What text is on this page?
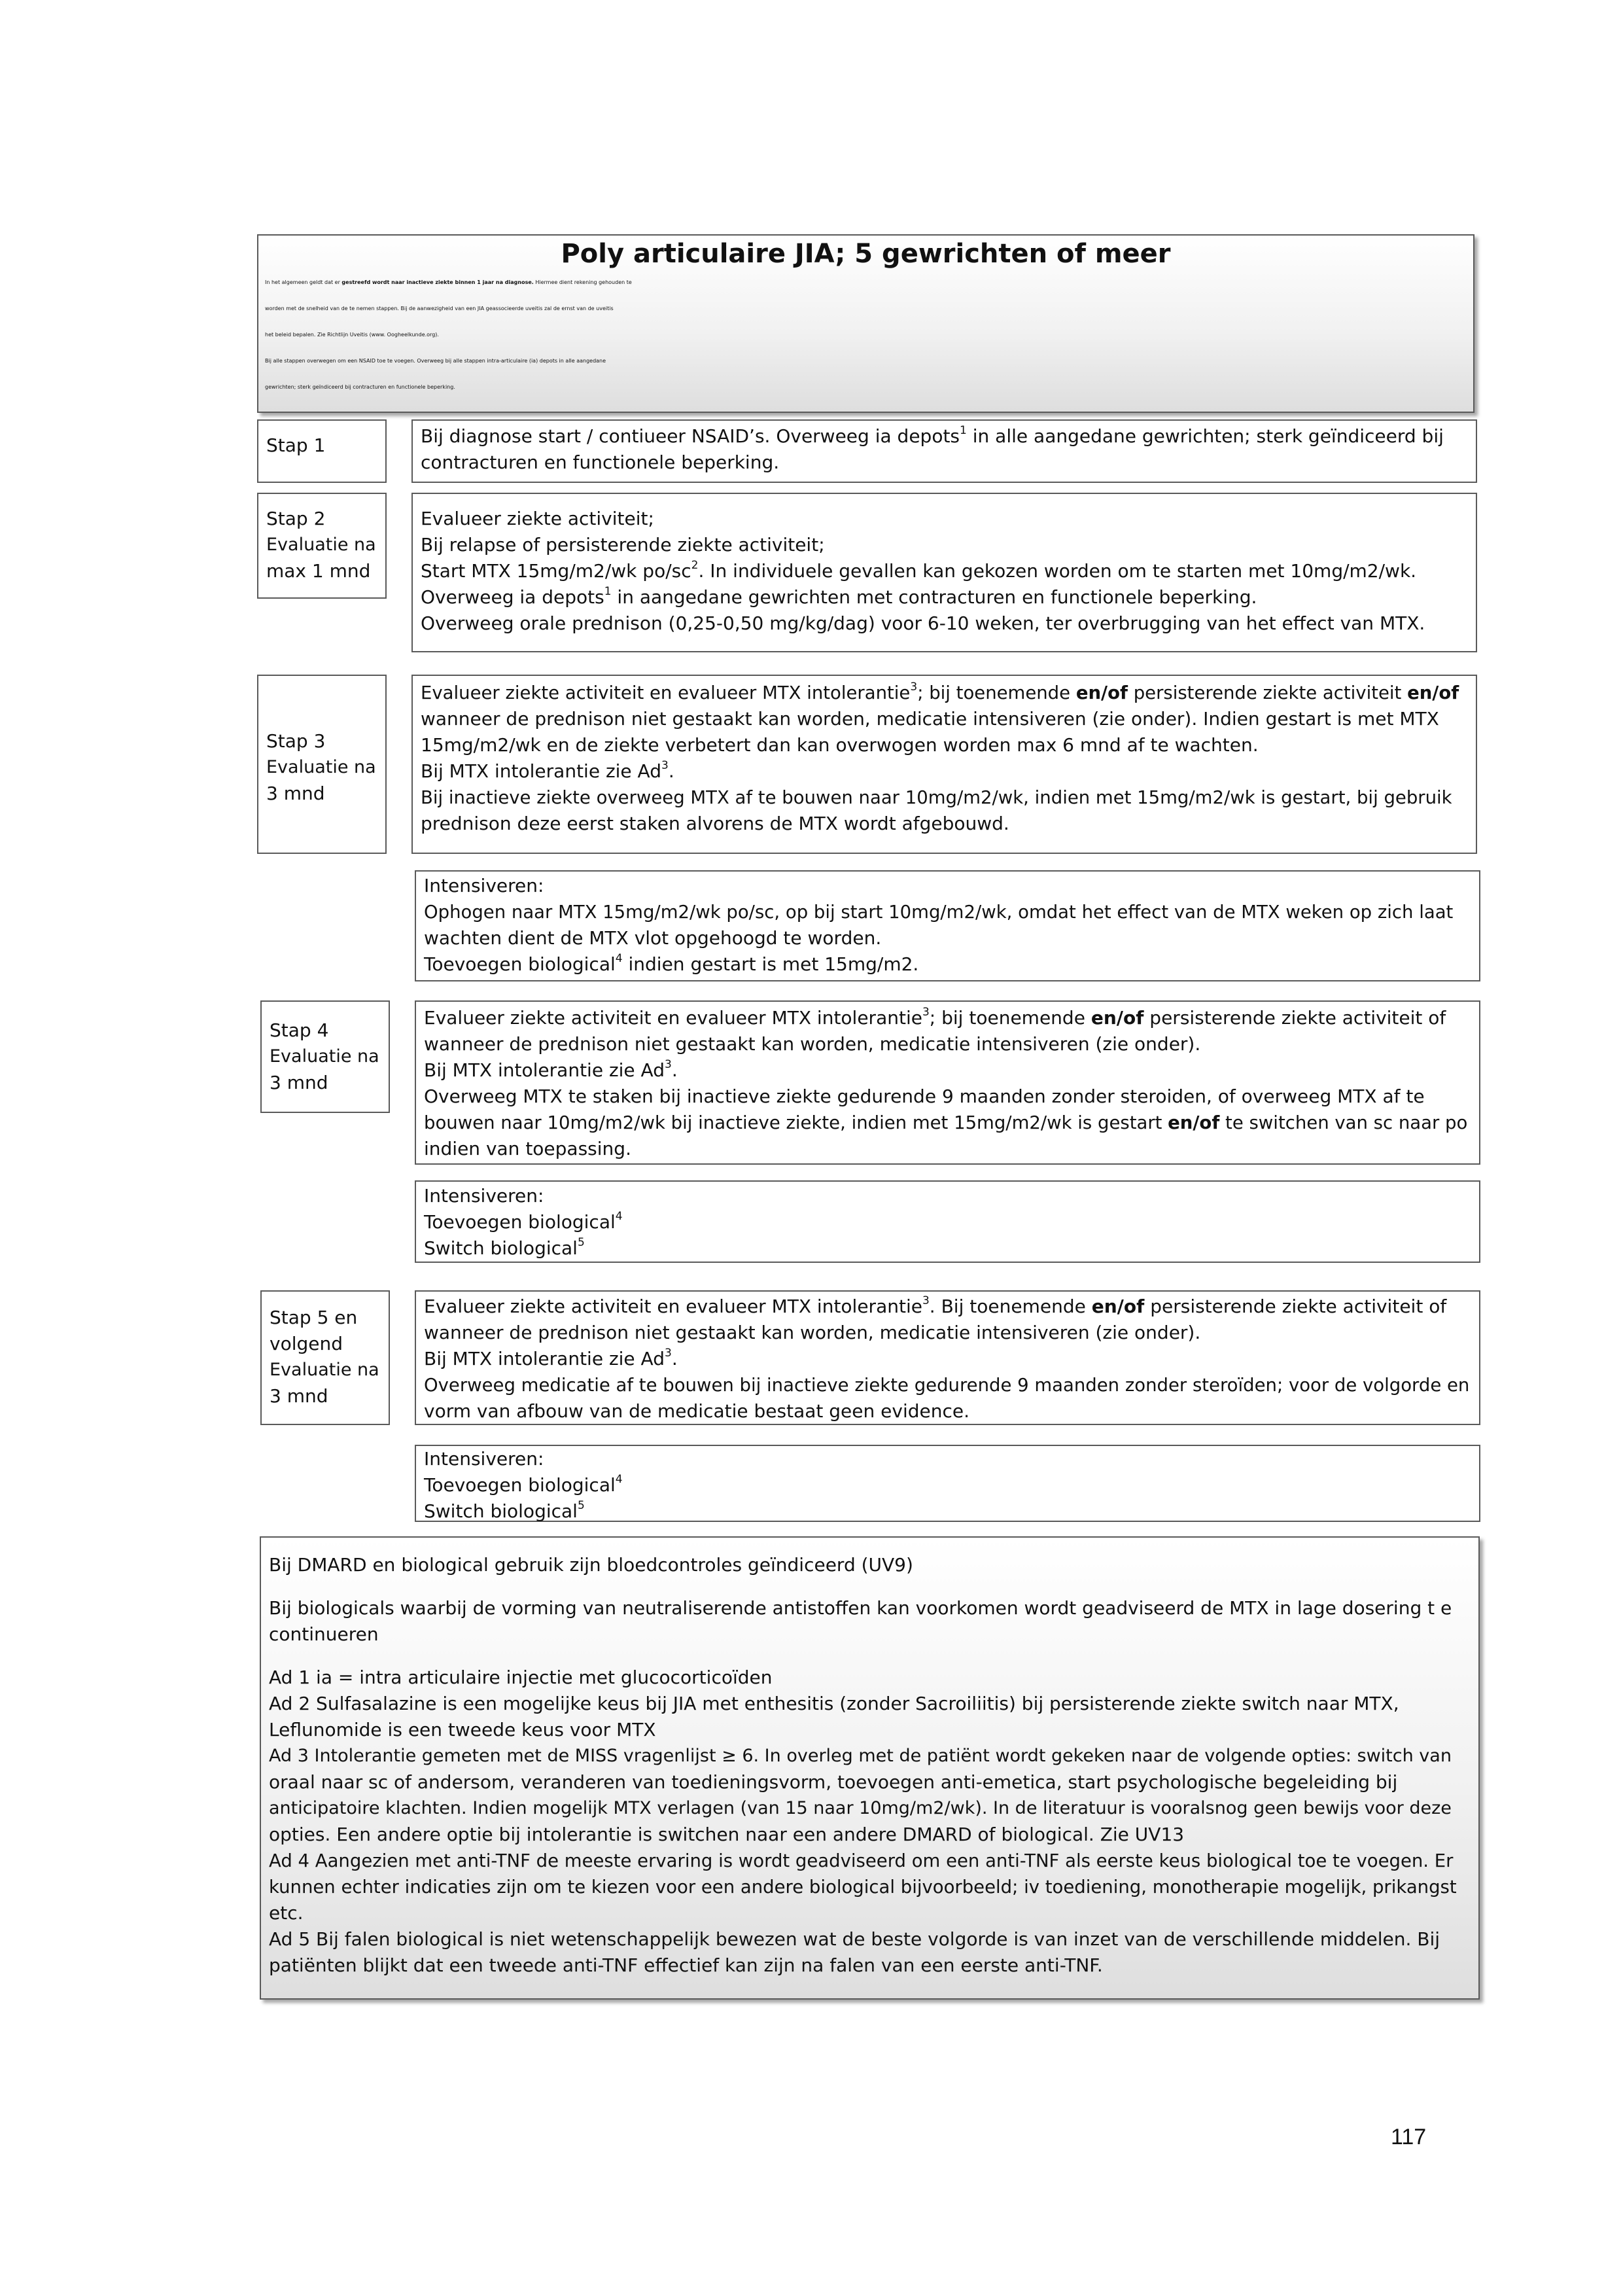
Poly articulaire JIA; 5 gewrichten of meer
In het algemeen geldt dat er gestreefd wordt naar inactieve ziekte binnen 1 jaar na diagnose. Hiermee dient rekening gehouden te
worden met de snelheid van de te nemen stappen. Bij de aanwezigheid van een JIA geassocieerde uveitis zal de ernst van de uveitis
het beleid bepalen. Zie Richtlijn Uveitis (www. Oogheelkunde.org).
Bij alle stappen overwegen om een NSAID toe te voegen. Overweeg bij alle stappen intra-articulaire (ia) depots in alle aangedane
gewrichten; sterk geïndiceerd bij contracturen en functionele beperking.
Stap 1	Bij diagnose start / contiueer NSAID’s. Overweeg ia depots$^1$ in alle aangedane gewrichten; sterk geïndiceerd bij
contracturen en functionele beperking.
Stap 2
Evaluatie na
max 1 mnd
Evalueer ziekte activiteit;
Bij relapse of persisterende ziekte activiteit;
Start MTX 15mg/m2/wk $po/sc^2$. In individuele gevallen kan gekozen worden om te starten met 10mg/m2/wk.
Overweeg ia depots$^1$ in aangedane gewrichten met contracturen en functionele beperking.
Overweeg orale prednison (0,25-0,50 mg/kg/dag) voor 6-10 weken, ter overbrugging van het effect van MTX.
Stap 3
Evaluatie na
3 mnd
Evalueer ziekte activiteit en evalueer MTX intolerantie$^3$; bij toenemende en/of persisterende ziekte activiteit en/of
wanneer de prednison niet gestaakt kan worden, medicatie intensiveren (zie onder). Indien gestart is met MTX
15mg/m2/wk en de ziekte verbetert dan kan overwogen worden max 6 mnd af te wachten.
Bij MTX intolerantie zie Ad$^3$.
Bij inactieve ziekte overweeg MTX af te bouwen naar 10mg/m2/wk, indien met 15mg/m2/wk is gestart, bij gebruik
prednison deze eerst staken alvorens de MTX wordt afgebouwd.
Intensiveren:
Ophogen naar MTX 15mg/m2/wk po/sc, op bij start 10mg/m2/wk, omdat het effect van de MTX weken op zich laat
wachten dient de MTX vlot opgehoogd te worden.
Toevoegen biological$^4$ indien gestart is met 15mg/m2.
Stap 4
Evaluatie na
3 mnd
Evalueer ziekte activiteit en evalueer MTX intolerantie$^3$; bij toenemende en/of persisterende ziekte activiteit of
wanneer de prednison niet gestaakt kan worden, medicatie intensiveren (zie onder).
Bij MTX intolerantie zie Ad$^3$.
Overweeg MTX te staken bij inactieve ziekte gedurende 9 maanden zonder steroiden, of overweeg MTX af te
bouwen naar 10mg/m2/wk bij inactieve ziekte, indien met 15mg/m2/wk is gestart en/of te switchen van sc naar po
indien van toepassing.
Intensiveren:
Toevoegen biological$^4$
Switch biological$^5$
Stap 5 en
volgend
Evaluatie na
3 mnd
Evalueer ziekte activiteit en evalueer MTX intolerantie$^3$. Bij toenemende en/of persisterende ziekte activiteit of
wanneer de prednison niet gestaakt kan worden, medicatie intensiveren (zie onder).
Bij MTX intolerantie zie Ad$^3$.
Overweeg medicatie af te bouwen bij inactieve ziekte gedurende 9 maanden zonder steroïden; voor de volgorde en
vorm van afbouw van de medicatie bestaat geen evidence.
Intensiveren:
Toevoegen biological$^4$
Switch biological$^5$
Bij DMARD en biological gebruik zijn bloedcontroles geïndiceerd (UV9)
Bij biologicals waarbij de vorming van neutraliserende antistoffen kan voorkomen wordt geadviseerd de MTX in lage dosering t e
continueren
Ad 1 ia = intra articulaire injectie met glucocorticoïden
Ad 2 Sulfasalazine is een mogelijke keus bij JIA met enthesitis (zonder Sacroiliitis) bij persisterende ziekte switch naar MTX,
Leflunomide is een tweede keus voor MTX
Ad 3 Intolerantie gemeten met de MISS vragenlijst ≥ 6. In overleg met de patiënt wordt gekeken naar de volgende opties: switch van
oraal naar sc of andersom, veranderen van toedieningsvorm, toevoegen anti-emetica, start psychologische begeleiding bij
anticipatoire klachten. Indien mogelijk MTX verlagen (van 15 naar 10mg/m2/wk). In de literatuur is vooralsnog geen bewijs voor deze
opties. Een andere optie bij intolerantie is switchen naar een andere DMARD of biological. Zie UV13
Ad 4 Aangezien met anti-TNF de meeste ervaring is wordt geadviseerd om een anti-TNF als eerste keus biological toe te voegen. Er
kunnen echter indicaties zijn om te kiezen voor een andere biological bijvoorbeeld; iv toediening, monotherapie mogelijk, prikangst
etc.
Ad 5 Bij falen biological is niet wetenschappelijk bewezen wat de beste volgorde is van inzet van de verschillende middelen. Bij
patiënten blijkt dat een tweede anti-TNF effectief kan zijn na falen van een eerste anti-TNF.
117
